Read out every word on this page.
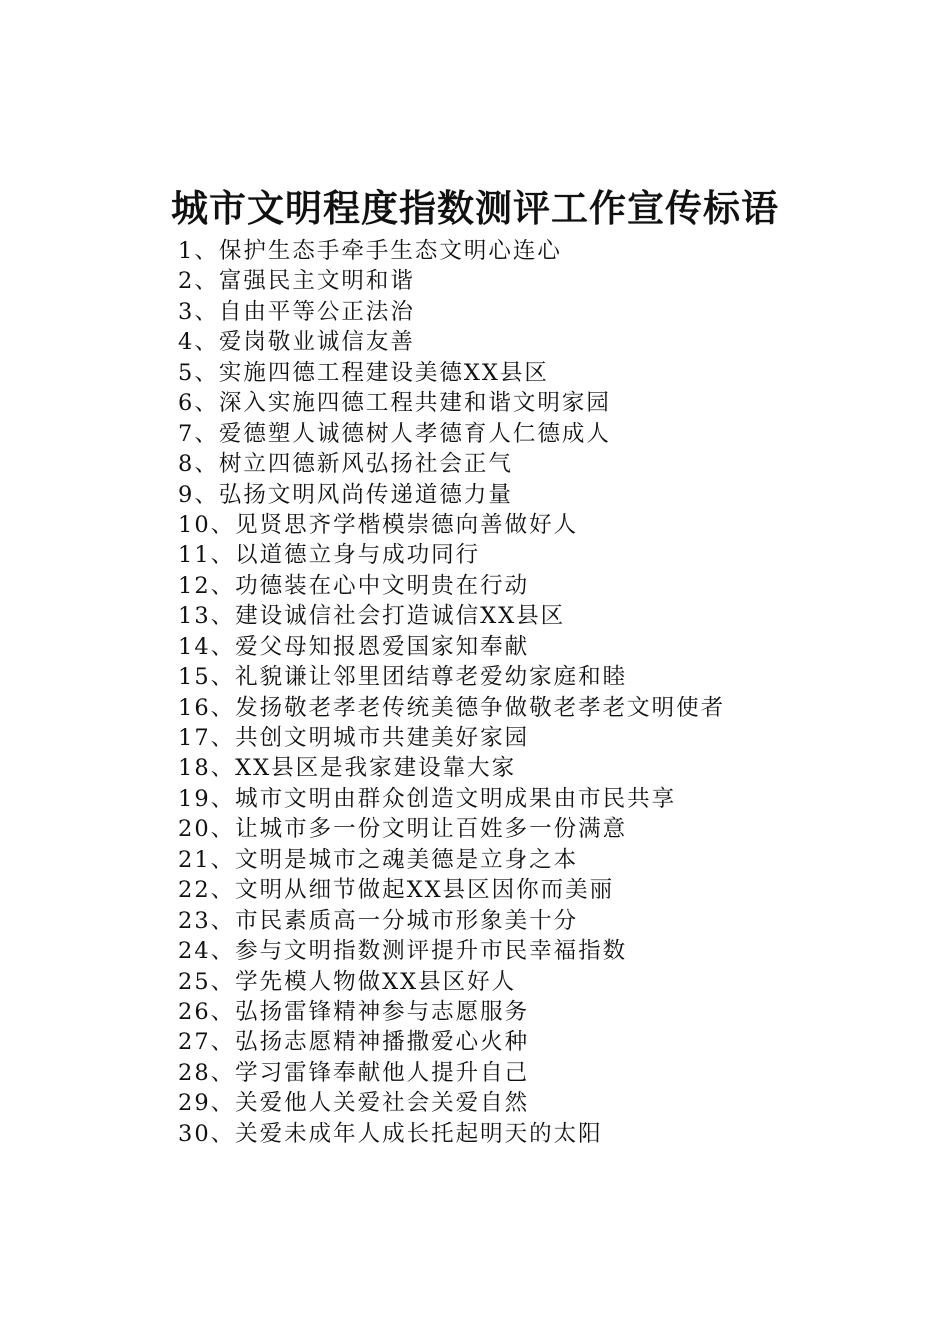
城市文明程度指数测评工作宣传标语
1、保护生态手牵手生态文明心连心
2、富强民主文明和谐
3、自由平等公正法治
4、爱岗敬业诚信友善
5、实施四德工程建设美德XX县区
6、深入实施四德工程共建和谐文明家园
7、爱德塑人诚德树人孝德育人仁德成人
8、树立四德新风弘扬社会正气
9、弘扬文明风尚传递道德力量
10、见贤思齐学楷模崇德向善做好人
11、以道德立身与成功同行
12、功德装在心中文明贵在行动
13、建设诚信社会打造诚信XX县区
14、爱父母知报恩爱国家知奉献
15、礼貌谦让邻里团结尊老爱幼家庭和睦
16、发扬敬老孝老传统美德争做敬老孝老文明使者
17、共创文明城市共建美好家园
18、XX县区是我家建设靠大家
19、城市文明由群众创造文明成果由市民共享
20、让城市多一份文明让百姓多一份满意
21、文明是城市之魂美德是立身之本
22、文明从细节做起XX县区因你而美丽
23、市民素质高一分城市形象美十分
24、参与文明指数测评提升市民幸福指数
25、学先模人物做XX县区好人
26、弘扬雷锋精神参与志愿服务
27、弘扬志愿精神播撒爱心火种
28、学习雷锋奉献他人提升自己
29、关爱他人关爱社会关爱自然
30、关爱未成年人成长托起明天的太阳
